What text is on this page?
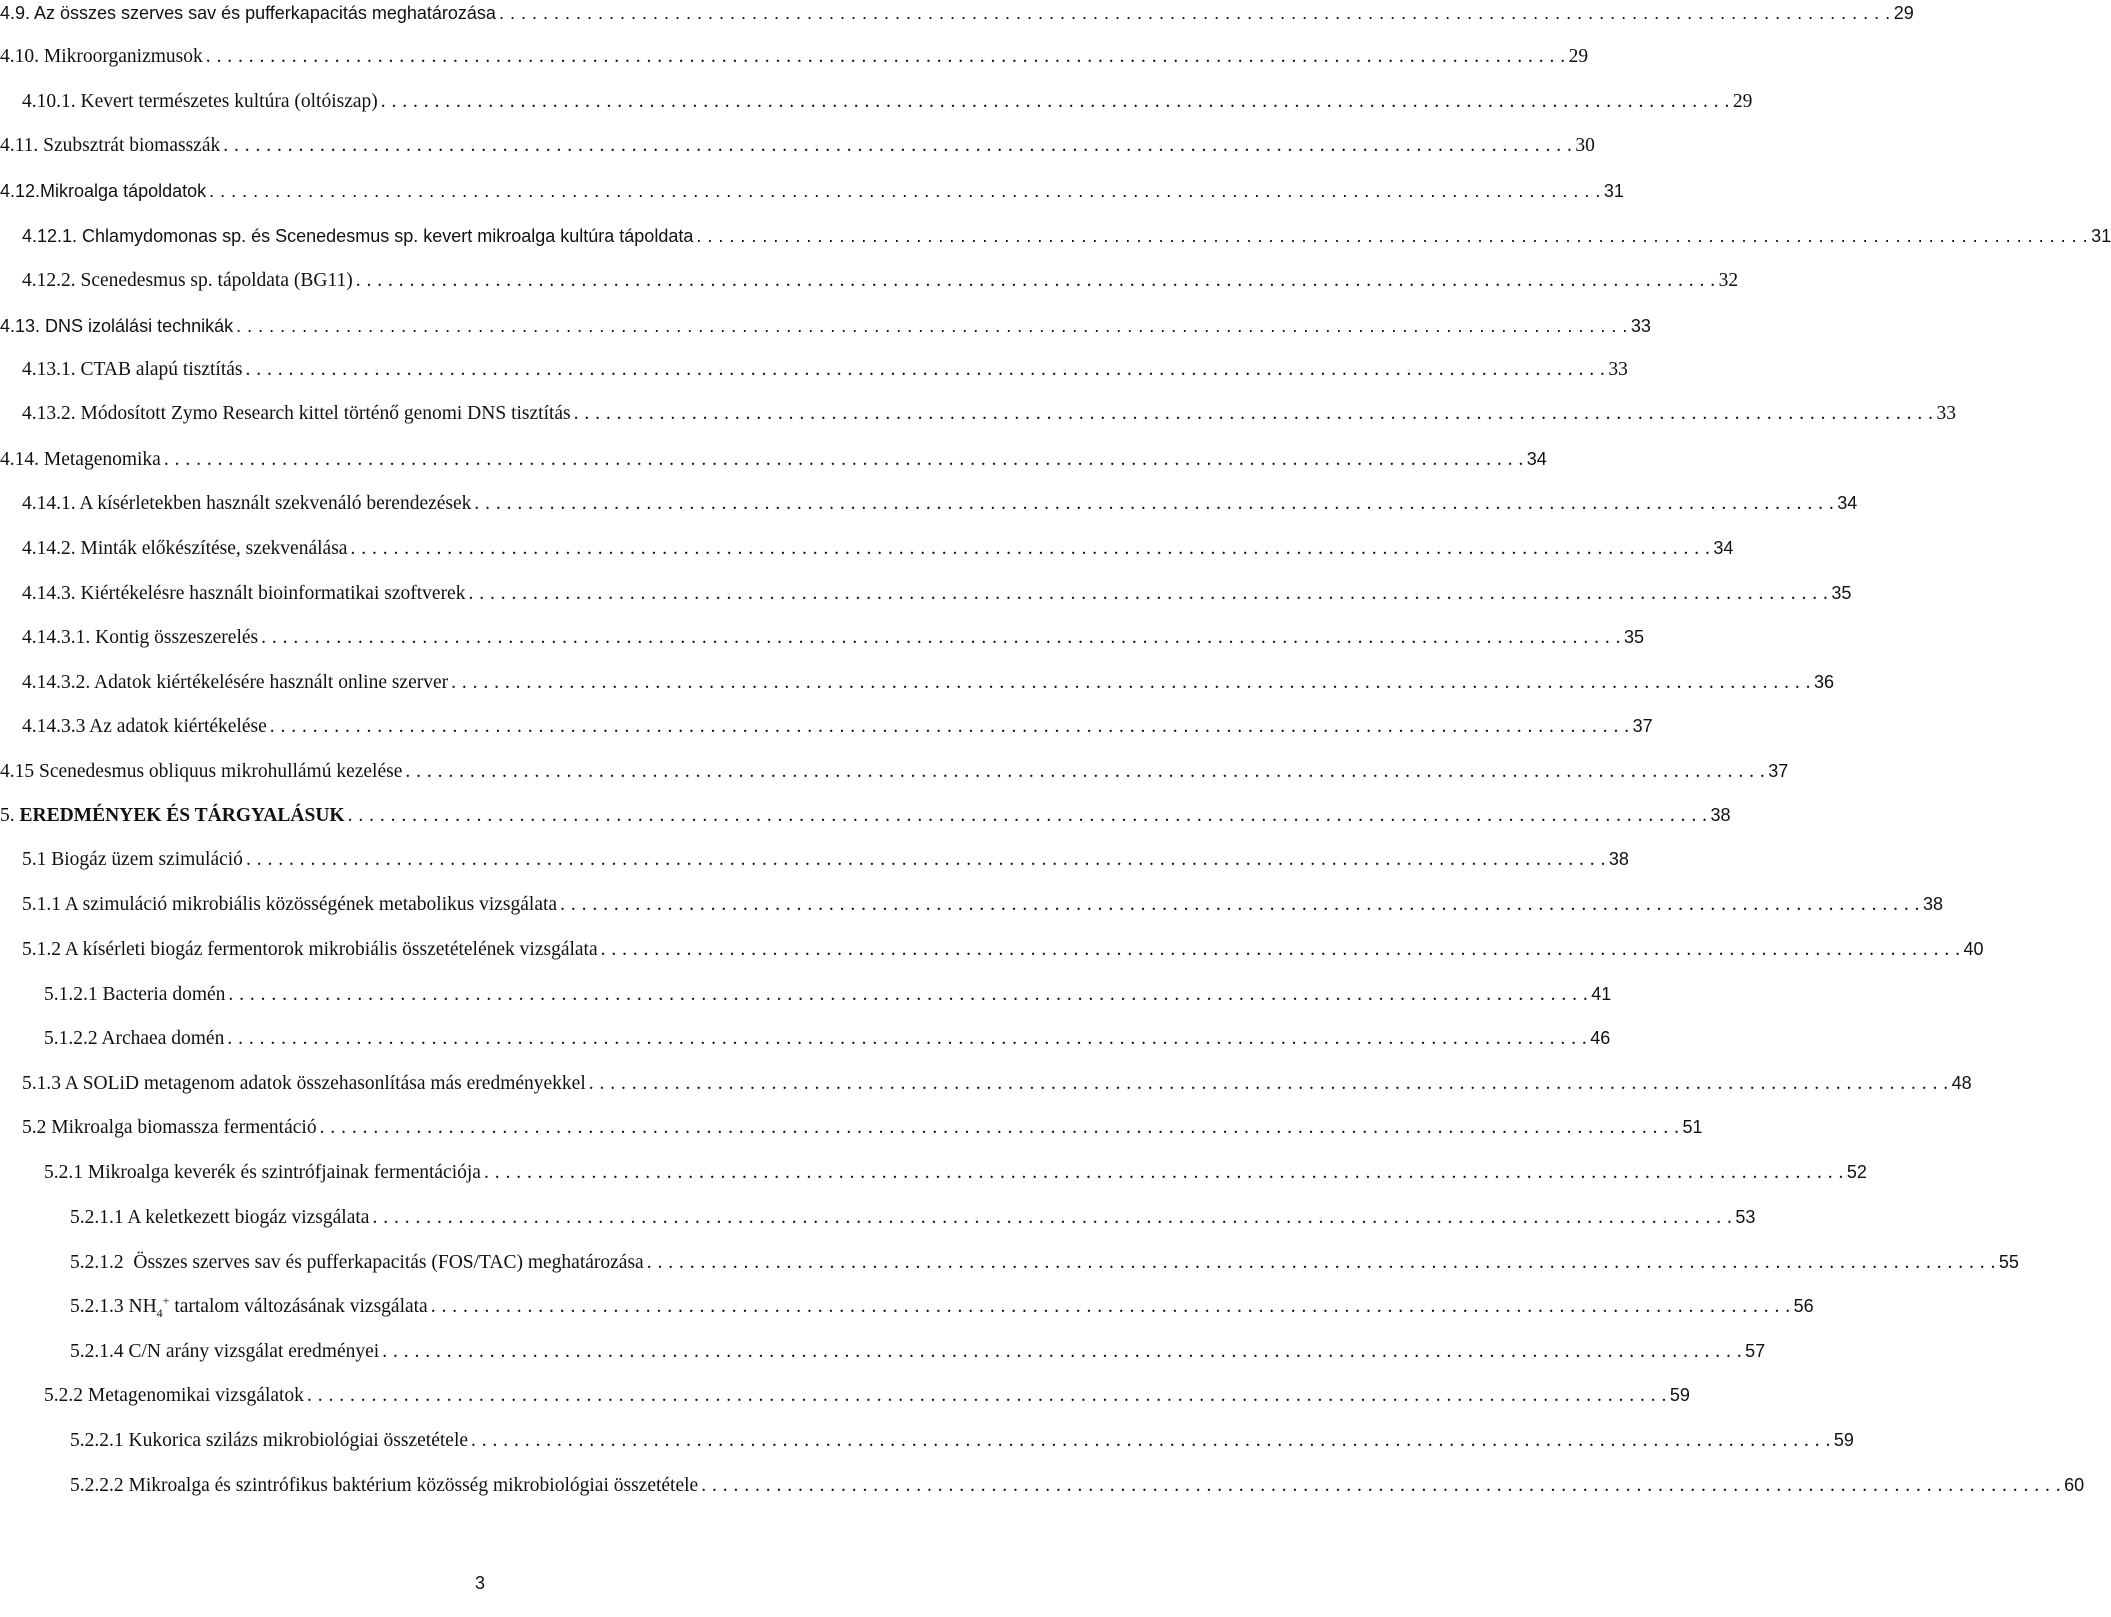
4.9. Az összes szerves sav és pufferkapacitás meghatározása . . . . . . . . . . . . . . . . . . . . . . . . . . . . . . . . . . . . . . . . . . . . . . . . . . . . . . . . . . . . . . . . . . . . . . . . . . . . . . . . . . . . . . . . . . . . . . . . . . . . . . . . . . . . . . . . . . . . . . . . . . . . . . . 29
4.10. Mikroorganizmusok . . . . . . . . . . . . . . . . . . . . . . . . . . . . . . . . . . . . . . . . . . . . . . . . . . . . . . . . . . . . . . . . . . . . . . . . . . . . . . . . . . . . . . . . . . . . . . . . . . . . . . . . . . . . . . . . . . . . . . . . . . . . . . . 29
4.10.1. Kevert természetes kultúra (oltóiszap) . . . . . . . . . . . . . . . . . . . . . . . . . . . . . . . . . . . . . . . . . . . . . . . . . . . . . . . . . . . . . . . . . . . . . . . . . . . . . . . . . . . . . . . . . . . . . . . . . . . . . . . . . . . . . . . . . . . . . . . . . . . . . . 29
4.11. Szubsztrát biomasszák . . . . . . . . . . . . . . . . . . . . . . . . . . . . . . . . . . . . . . . . . . . . . . . . . . . . . . . . . . . . . . . . . . . . . . . . . . . . . . . . . . . . . . . . . . . . . . . . . . . . . . . . . . . . . . . . . . . . . . . . . . . . . . 30
4.12.Mikroalga tápoldatok . . . . . . . . . . . . . . . . . . . . . . . . . . . . . . . . . . . . . . . . . . . . . . . . . . . . . . . . . . . . . . . . . . . . . . . . . . . . . . . . . . . . . . . . . . . . . . . . . . . . . . . . . . . . . . . . . . . . . . . . . . . . . . . 31
4.12.1. Chlamydomonas sp. és Scenedesmus sp. kevert mikroalga kultúra tápoldata . . . . . . . . . . . . . . . . . . . . . . . . . . . . . . . . . . . . . . . . . . . . . . . . . . . . . . . . . . . . . . . . . . . . . . . . . . . . . . . . . . . . . . . . . . . . . . . . . . . . . . . . . . . . . . . . . . . . . . . . . . . . . . . 31
4.12.2. Scenedesmus sp. tápoldata (BG11) . . . . . . . . . . . . . . . . . . . . . . . . . . . . . . . . . . . . . . . . . . . . . . . . . . . . . . . . . . . . . . . . . . . . . . . . . . . . . . . . . . . . . . . . . . . . . . . . . . . . . . . . . . . . . . . . . . . . . . . . . . . . . . . 32
4.13. DNS izolálási technikák . . . . . . . . . . . . . . . . . . . . . . . . . . . . . . . . . . . . . . . . . . . . . . . . . . . . . . . . . . . . . . . . . . . . . . . . . . . . . . . . . . . . . . . . . . . . . . . . . . . . . . . . . . . . . . . . . . . . . . . . . . . . . . . 33
4.13.1. CTAB alapú tisztítás . . . . . . . . . . . . . . . . . . . . . . . . . . . . . . . . . . . . . . . . . . . . . . . . . . . . . . . . . . . . . . . . . . . . . . . . . . . . . . . . . . . . . . . . . . . . . . . . . . . . . . . . . . . . . . . . . . . . . . . . . . . . . . . 33
4.13.2. Módosított Zymo Research kittel történő genomi DNS tisztítás . . . . . . . . . . . . . . . . . . . . . . . . . . . . . . . . . . . . . . . . . . . . . . . . . . . . . . . . . . . . . . . . . . . . . . . . . . . . . . . . . . . . . . . . . . . . . . . . . . . . . . . . . . . . . . . . . . . . . . . . . . . . . . . 33
4.14. Metagenomika . . . . . . . . . . . . . . . . . . . . . . . . . . . . . . . . . . . . . . . . . . . . . . . . . . . . . . . . . . . . . . . . . . . . . . . . . . . . . . . . . . . . . . . . . . . . . . . . . . . . . . . . . . . . . . . . . . . . . . . . . . . . . . . 34
4.14.1. A kísérletekben használt szekvenáló berendezések . . . . . . . . . . . . . . . . . . . . . . . . . . . . . . . . . . . . . . . . . . . . . . . . . . . . . . . . . . . . . . . . . . . . . . . . . . . . . . . . . . . . . . . . . . . . . . . . . . . . . . . . . . . . . . . . . . . . . . . . . . . . . . . 34
4.14.2. Minták előkészítése, szekvenálása . . . . . . . . . . . . . . . . . . . . . . . . . . . . . . . . . . . . . . . . . . . . . . . . . . . . . . . . . . . . . . . . . . . . . . . . . . . . . . . . . . . . . . . . . . . . . . . . . . . . . . . . . . . . . . . . . . . . . . . . . . . . . . . 34
4.14.3. Kiértékelésre használt bioinformatikai szoftverek . . . . . . . . . . . . . . . . . . . . . . . . . . . . . . . . . . . . . . . . . . . . . . . . . . . . . . . . . . . . . . . . . . . . . . . . . . . . . . . . . . . . . . . . . . . . . . . . . . . . . . . . . . . . . . . . . . . . . . . . . . . . . . . 35
4.14.3.1. Kontig összeszerelés . . . . . . . . . . . . . . . . . . . . . . . . . . . . . . . . . . . . . . . . . . . . . . . . . . . . . . . . . . . . . . . . . . . . . . . . . . . . . . . . . . . . . . . . . . . . . . . . . . . . . . . . . . . . . . . . . . . . . . . . . . . . . . . 35
4.14.3.2. Adatok kiértékelésére használt online szerver . . . . . . . . . . . . . . . . . . . . . . . . . . . . . . . . . . . . . . . . . . . . . . . . . . . . . . . . . . . . . . . . . . . . . . . . . . . . . . . . . . . . . . . . . . . . . . . . . . . . . . . . . . . . . . . . . . . . . . . . . . . . . . . 36
4.14.3.3 Az adatok kiértékelése . . . . . . . . . . . . . . . . . . . . . . . . . . . . . . . . . . . . . . . . . . . . . . . . . . . . . . . . . . . . . . . . . . . . . . . . . . . . . . . . . . . . . . . . . . . . . . . . . . . . . . . . . . . . . . . . . . . . . . . . . . . . . . . 37
4.15 Scenedesmus obliquus mikrohullámú kezelése . . . . . . . . . . . . . . . . . . . . . . . . . . . . . . . . . . . . . . . . . . . . . . . . . . . . . . . . . . . . . . . . . . . . . . . . . . . . . . . . . . . . . . . . . . . . . . . . . . . . . . . . . . . . . . . . . . . . . . . . . . . . . . . 37
5. EREDMÉNYEK ÉS TÁRGYALÁSUK . . . . . . . . . . . . . . . . . . . . . . . . . . . . . . . . . . . . . . . . . . . . . . . . . . . . . . . . . . . . . . . . . . . . . . . . . . . . . . . . . . . . . . . . . . . . . . . . . . . . . . . . . . . . . . . . . . . . . . . . . . . . . . . 38
5.1 Biogáz üzem szimuláció . . . . . . . . . . . . . . . . . . . . . . . . . . . . . . . . . . . . . . . . . . . . . . . . . . . . . . . . . . . . . . . . . . . . . . . . . . . . . . . . . . . . . . . . . . . . . . . . . . . . . . . . . . . . . . . . . . . . . . . . . . . . . . . 38
5.1.1 A szimuláció mikrobiális közösségének metabolikus vizsgálata . . . . . . . . . . . . . . . . . . . . . . . . . . . . . . . . . . . . . . . . . . . . . . . . . . . . . . . . . . . . . . . . . . . . . . . . . . . . . . . . . . . . . . . . . . . . . . . . . . . . . . . . . . . . . . . . . . . . . . . . . . . . . . . 38
5.1.2 A kísérleti biogáz fermentorok mikrobiális összetételének vizsgálata . . . . . . . . . . . . . . . . . . . . . . . . . . . . . . . . . . . . . . . . . . . . . . . . . . . . . . . . . . . . . . . . . . . . . . . . . . . . . . . . . . . . . . . . . . . . . . . . . . . . . . . . . . . . . . . . . . . . . . . . . . . . . . . 40
5.1.2.1 Bacteria domén . . . . . . . . . . . . . . . . . . . . . . . . . . . . . . . . . . . . . . . . . . . . . . . . . . . . . . . . . . . . . . . . . . . . . . . . . . . . . . . . . . . . . . . . . . . . . . . . . . . . . . . . . . . . . . . . . . . . . . . . . . . . . . . 41
5.1.2.2 Archaea domén . . . . . . . . . . . . . . . . . . . . . . . . . . . . . . . . . . . . . . . . . . . . . . . . . . . . . . . . . . . . . . . . . . . . . . . . . . . . . . . . . . . . . . . . . . . . . . . . . . . . . . . . . . . . . . . . . . . . . . . . . . . . . . . 46
5.1.3 A SOLiD metagenom adatok összehasonlítása más eredményekkel . . . . . . . . . . . . . . . . . . . . . . . . . . . . . . . . . . . . . . . . . . . . . . . . . . . . . . . . . . . . . . . . . . . . . . . . . . . . . . . . . . . . . . . . . . . . . . . . . . . . . . . . . . . . . . . . . . . . . . . . . . . . . . . 48
5.2 Mikroalga biomassza fermentáció . . . . . . . . . . . . . . . . . . . . . . . . . . . . . . . . . . . . . . . . . . . . . . . . . . . . . . . . . . . . . . . . . . . . . . . . . . . . . . . . . . . . . . . . . . . . . . . . . . . . . . . . . . . . . . . . . . . . . . . . . . . . . . . 51
5.2.1 Mikroalga keverék és szintrófjainak fermentációja . . . . . . . . . . . . . . . . . . . . . . . . . . . . . . . . . . . . . . . . . . . . . . . . . . . . . . . . . . . . . . . . . . . . . . . . . . . . . . . . . . . . . . . . . . . . . . . . . . . . . . . . . . . . . . . . . . . . . . . . . . . . . . . 52
5.2.1.1 A keletkezett biogáz vizsgálata . . . . . . . . . . . . . . . . . . . . . . . . . . . . . . . . . . . . . . . . . . . . . . . . . . . . . . . . . . . . . . . . . . . . . . . . . . . . . . . . . . . . . . . . . . . . . . . . . . . . . . . . . . . . . . . . . . . . . . . . . . . . . . . 53
5.2.1.2  Összes szerves sav és pufferkapacitás (FOS/TAC) meghatározása . . . . . . . . . . . . . . . . . . . . . . . . . . . . . . . . . . . . . . . . . . . . . . . . . . . . . . . . . . . . . . . . . . . . . . . . . . . . . . . . . . . . . . . . . . . . . . . . . . . . . . . . . . . . . . . . . . . . . . . . . . . . . . 55
5.2.1.3 $NH_4^+$ tartalom változásának vizsgálata . . . . . . . . . . . . . . . . . . . . . . . . . . . . . . . . . . . . . . . . . . . . . . . . . . . . . . . . . . . . . . . . . . . . . . . . . . . . . . . . . . . . . . . . . . . . . . . . . . . . . . . . . . . . . . . . . . . . . . . . . . . . . . . 56
5.2.1.4 C/N arány vizsgálat eredményei . . . . . . . . . . . . . . . . . . . . . . . . . . . . . . . . . . . . . . . . . . . . . . . . . . . . . . . . . . . . . . . . . . . . . . . . . . . . . . . . . . . . . . . . . . . . . . . . . . . . . . . . . . . . . . . . . . . . . . . . . . . . . . . 57
5.2.2 Metagenomikai vizsgálatok . . . . . . . . . . . . . . . . . . . . . . . . . . . . . . . . . . . . . . . . . . . . . . . . . . . . . . . . . . . . . . . . . . . . . . . . . . . . . . . . . . . . . . . . . . . . . . . . . . . . . . . . . . . . . . . . . . . . . . . . . . . . . . . 59
5.2.2.1 Kukorica szilázs mikrobiológiai összetétele . . . . . . . . . . . . . . . . . . . . . . . . . . . . . . . . . . . . . . . . . . . . . . . . . . . . . . . . . . . . . . . . . . . . . . . . . . . . . . . . . . . . . . . . . . . . . . . . . . . . . . . . . . . . . . . . . . . . . . . . . . . . . . . 59
5.2.2.2 Mikroalga és szintrófikus baktérium közösség mikrobiológiai összetétele . . . . . . . . . . . . . . . . . . . . . . . . . . . . . . . . . . . . . . . . . . . . . . . . . . . . . . . . . . . . . . . . . . . . . . . . . . . . . . . . . . . . . . . . . . . . . . . . . . . . . . . . . . . . . . . . . . . . . . . . . . . . . . . 60
3
